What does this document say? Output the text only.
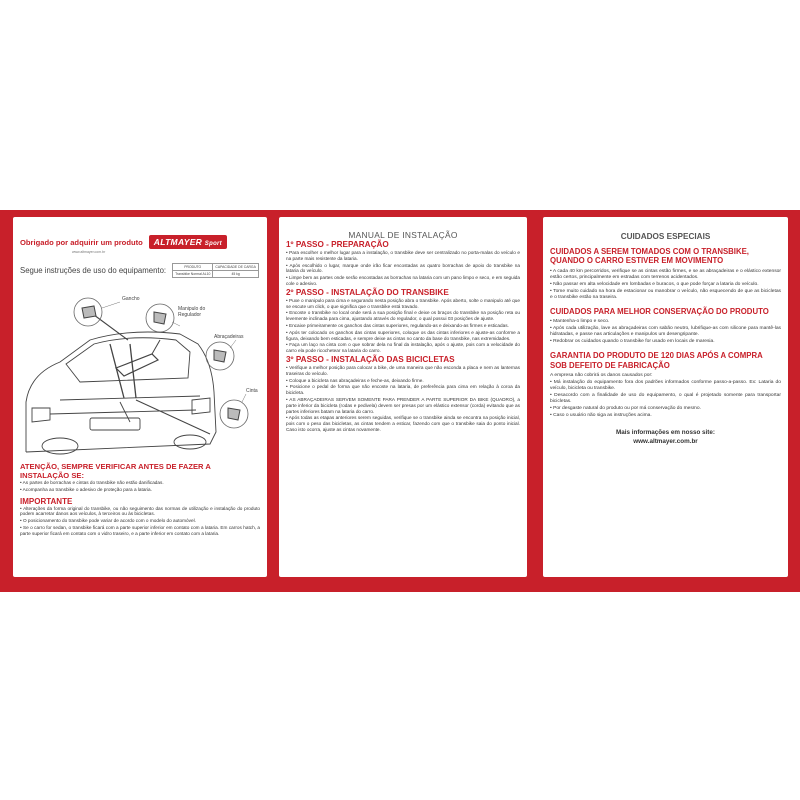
Obrigado por adquirir um produto	ALTMAYER Sport
www.altmayer.com.br
Segue instruções de uso do equipamento:	PRODUTO	CAPACIDADE DE CARGA
Transbike Normal AL10	45 kg
Gancho
Manipulo do Regulador
Abraçadeiras
Cinta
ATENÇÃO, SEMPRE VERIFICAR ANTES DE FAZER A INSTALAÇÃO SE:

• As partes de borrachas e cintas do transbike não estão danificadas.

• Acompanha ao transbike o adesivo de proteção para a lataria.

IMPORTANTE

• Alterações da forma original do transbike, ou não seguimento das normas de utilização e instalação do produto podem acarretar danos aos veículos, à terceiros ou às bicicletas.

• O posicionamento do transbike pode variar de acordo com o modelo do automóvel.

• Se o carro for sedan, o transbike ficará com a parte superior inferior em contato com a lataria. Em carros hatch, a parte superior ficará em contato com o vidro traseiro, e a parte inferior em contato com a lataria.

MANUAL DE INSTALAÇÃO
1º PASSO - PREPARAÇÃO

• Para escolher o melhor lugar para a instalação, o transbike deve ser centralizado no porta-malas do veículo e na parte mais resistente da lataria.

• Após escolhido o lugar, marque onde irão ficar encostadas as quatro borrachas de apoio do transbike na lataria do veículo.

• Limpe bem as partes onde serão encostadas as borrachas na lataria com um pano limpo e seco, e em seguida cole o adesivo.

2º PASSO - INSTALAÇÃO DO TRANSBIKE

• Puxe o manipulo para cima e segurando nesta posição abra o transbike. Após aberto, solte o manipulo até que se escute um click, o que significa que o transbike está travado.

• Encoste o transbike no local onde será a sua posição final e deixe os braços do transbike na posição reta ou levemente inclinada para cima, ajustando através do regulador, o qual possui 03 posições de ajuste.

• Encaixe primeiramente os ganchos das cintas superiores, regulando-as e deixando-as firmes e esticadas.

• Após ter colocado os ganchos das cintas superiores, coloque os das cintas inferiores e ajuste-as conforme a figura, deixando bem esticadas, e sempre deixe as cintas no canto da base do transbike, nas extremidades.

• Faça um laço na cinta com o que sobrar dela no final da instalação, após o ajuste, pois com a velocidade do carro ela pode ricochetear na lataria do carro.

3º PASSO - INSTALAÇÃO DAS BICICLETAS

• Verifique a melhor posição para colocar a bike, de uma maneira que não esconda a placa e nem as lanternas traseiras do veículo.

• Coloque a bicicleta nas abraçadeiras e feche-as, deixando firme.

• Posicione o pedal de forma que não encoste na lataria, de preferência para cima em relação à coroa da bicicleta.

• AS ABRAÇADEIRAS SERVEM SOMENTE PARA PRENDER A PARTE SUPERIOR DA BIKE (QUADRO), a parte inferior da bicicleta (rodas e pedivela) devem ser presas por um elástico extensor (corda) evitando que as partes inferiores batam na lataria do carro.

• Após todas as etapas anteriores serem seguidas, verifique se o transbike ainda se encontra na posição inicial, pois com o peso das bicicletas, as cintas tendem a esticar, fazendo com que o transbike saia do ponto inicial. Caso isto ocorra, ajuste as cintas novamente.

CUIDADOS ESPECIAIS
CUIDADOS A SEREM TOMADOS COM O TRANSBIKE, QUANDO O CARRO ESTIVER EM MOVIMENTO

• A cada 40 km percorridos, verifique se as cintas estão firmes, e se as abraçadeiras e o elástico extensor estão certos, principalmente em estradas com terrenos acidentados.

• Não passar em alta velocidade em lombadas e buracos, o que pode forçar a lataria do veículo.

• Tome muito cuidado na hora de estacionar ou manobrar o veículo, não esquecendo de que as bicicletas e o transbike estão na traseira.

CUIDADOS PARA MELHOR CONSERVAÇÃO DO PRODUTO

• Mantenha-o limpo e seco.

• Após cada utilização, lave as abraçadeiras com sabão neutro, lubrifique-as com silicone para mantê-las hidratadas, e passe nas articulações e manipulos um desengripante.

• Redobrar os cuidados quando o transbike for usado em locais de maresia.

GARANTIA DO PRODUTO DE 120 DIAS APÓS A COMPRA SOB DEFEITO DE FABRICAÇÃO

A empresa não cobrirá os danos causados por:

• Má instalação do equipamento fora dos padrões informados conforme passo-a-passo. Ex: Lataria do veículo, bicicleta ou transbike.

• Desacordo com a finalidade de uso do equipamento, o qual é projetado somente para transportar bicicletas.

• Por desgaste natural do produto ou por má conservação do mesmo.

• Caso o usuário não siga as instruções acima.

Mais informações em nosso site:
www.altmayer.com.br
